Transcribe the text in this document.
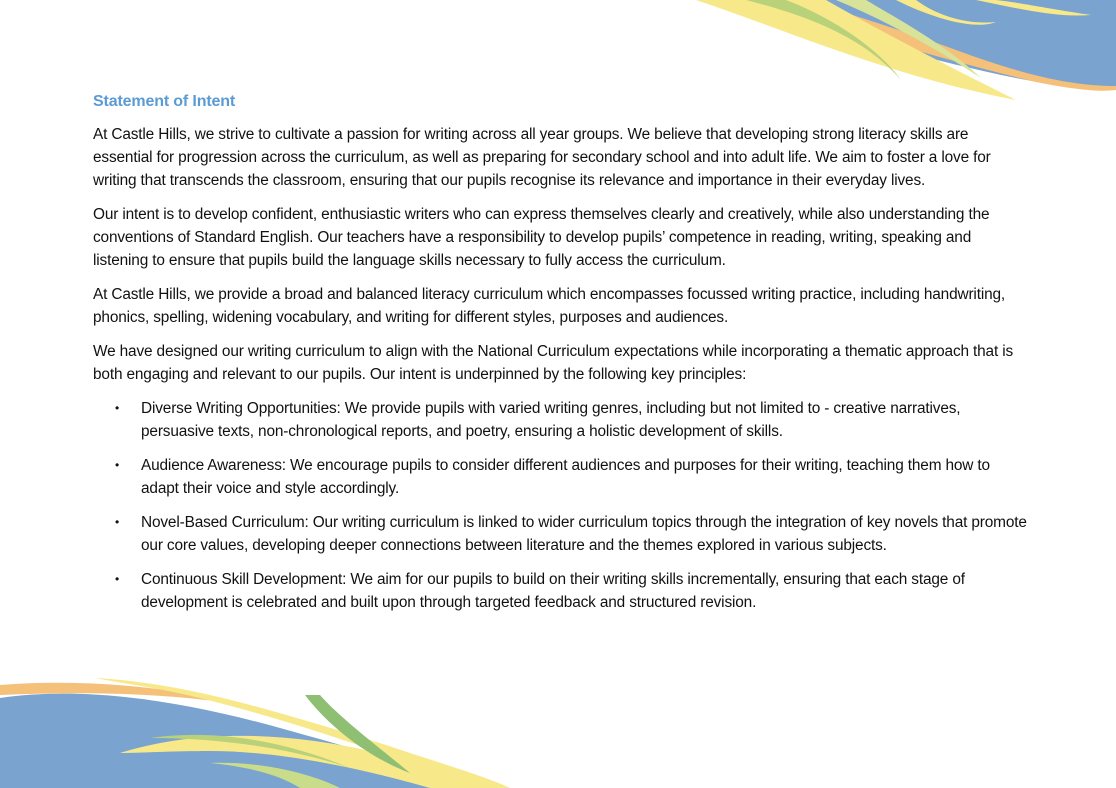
Statement of Intent

At Castle Hills, we strive to cultivate a passion for writing across all year groups. We believe that developing strong literacy skills are essential for progression across the curriculum, as well as preparing for secondary school and into adult life. We aim to foster a love for writing that transcends the classroom, ensuring that our pupils recognise its relevance and importance in their everyday lives.

Our intent is to develop confident, enthusiastic writers who can express themselves clearly and creatively, while also understanding the conventions of Standard English. Our teachers have a responsibility to develop pupils’ competence in reading, writing, speaking and listening to ensure that pupils build the language skills necessary to fully access the curriculum.

At Castle Hills, we provide a broad and balanced literacy curriculum which encompasses focussed writing practice, including handwriting, phonics, spelling, widening vocabulary, and writing for different styles, purposes and audiences.

We have designed our writing curriculum to align with the National Curriculum expectations while incorporating a thematic approach that is both engaging and relevant to our pupils. Our intent is underpinned by the following key principles:

• Diverse Writing Opportunities: We provide pupils with varied writing genres, including but not limited to - creative narratives, persuasive texts, non-chronological reports, and poetry, ensuring a holistic development of skills.
• Audience Awareness: We encourage pupils to consider different audiences and purposes for their writing, teaching them how to adapt their voice and style accordingly.
• Novel-Based Curriculum: Our writing curriculum is linked to wider curriculum topics through the integration of key novels that promote our core values, developing deeper connections between literature and the themes explored in various subjects.
• Continuous Skill Development: We aim for our pupils to build on their writing skills incrementally, ensuring that each stage of development is celebrated and built upon through targeted feedback and structured revision.
